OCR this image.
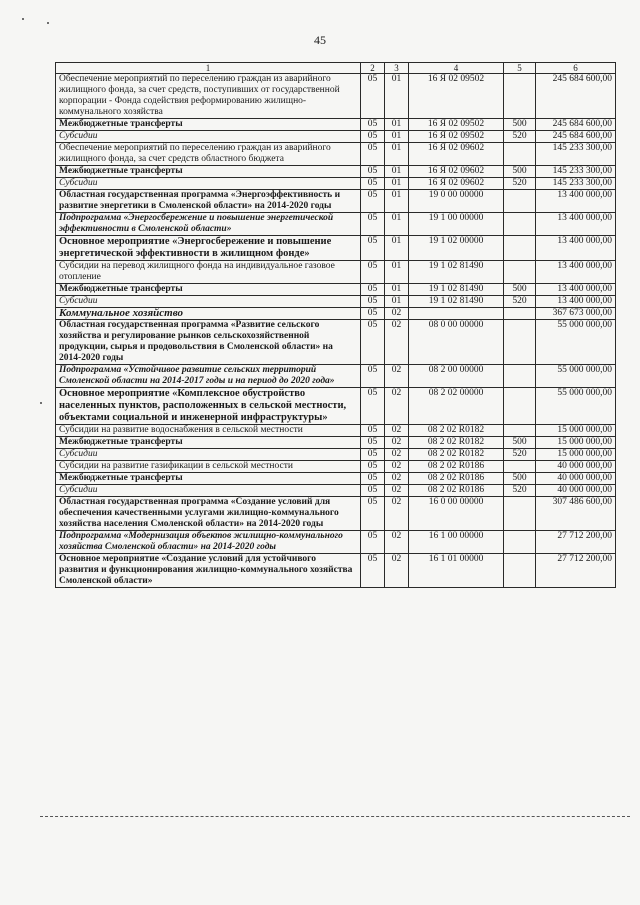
45
1	2	3	4	5	6
Обеспечение мероприятий по переселению граждан из аварийного жилищного фонда, за счет средств, поступивших от государственной корпорации - Фонда содействия реформированию жилищно-коммунального хозяйства	05	01	16 Я 02 09502		245 684 600,00
Межбюджетные трансферты	05	01	16 Я 02 09502	500	245 684 600,00
Субсидии	05	01	16 Я 02 09502	520	245 684 600,00
Обеспечение мероприятий по переселению граждан из аварийного жилищного фонда, за счет средств областного бюджета	05	01	16 Я 02 09602		145 233 300,00
Межбюджетные трансферты	05	01	16 Я 02 09602	500	145 233 300,00
Субсидии	05	01	16 Я 02 09602	520	145 233 300,00
Областная государственная программа «Энергоэффективность и развитие энергетики в Смоленской области» на 2014-2020 годы	05	01	19 0 00 00000		13 400 000,00
Подпрограмма «Энергосбережение и повышение энергетической эффективности в Смоленской области»	05	01	19 1 00 00000		13 400 000,00
Основное мероприятие «Энергосбережение и повышение энергетической эффективности в жилищном фонде»	05	01	19 1 02 00000		13 400 000,00
Субсидии на перевод жилищного фонда на индивидуальное газовое отопление	05	01	19 1 02 81490		13 400 000,00
Межбюджетные трансферты	05	01	19 1 02 81490	500	13 400 000,00
Субсидии	05	01	19 1 02 81490	520	13 400 000,00
Коммунальное хозяйство	05	02			367 673 000,00
Областная государственная программа «Развитие сельского хозяйства и регулирование рынков сельскохозяйственной продукции, сырья и продовольствия в Смоленской области» на 2014-2020 годы	05	02	08 0 00 00000		55 000 000,00
Подпрограмма «Устойчивое развитие сельских территорий Смоленской области на 2014-2017 годы и на период до 2020 года»	05	02	08 2 00 00000		55 000 000,00
Основное мероприятие «Комплексное обустройство населенных пунктов, расположенных в сельской местности, объектами социальной и инженерной инфраструктуры»	05	02	08 2 02 00000		55 000 000,00
Субсидии на развитие водоснабжения в сельской местности	05	02	08 2 02 R0182		15 000 000,00
Межбюджетные трансферты	05	02	08 2 02 R0182	500	15 000 000,00
Субсидии	05	02	08 2 02 R0182	520	15 000 000,00
Субсидии на развитие газификации в сельской местности	05	02	08 2 02 R0186		40 000 000,00
Межбюджетные трансферты	05	02	08 2 02 R0186	500	40 000 000,00
Субсидии	05	02	08 2 02 R0186	520	40 000 000,00
Областная государственная программа «Создание условий для обеспечения качественными услугами жилищно-коммунального хозяйства населения Смоленской области» на 2014-2020 годы	05	02	16 0 00 00000		307 486 600,00
Подпрограмма «Модернизация объектов жилищно-коммунального хозяйства Смоленской области» на 2014-2020 годы	05	02	16 1 00 00000		27 712 200,00
Основное мероприятие «Создание условий для устойчивого развития и функционирования жилищно-коммунального хозяйства Смоленской области»	05	02	16 1 01 00000		27 712 200,00
